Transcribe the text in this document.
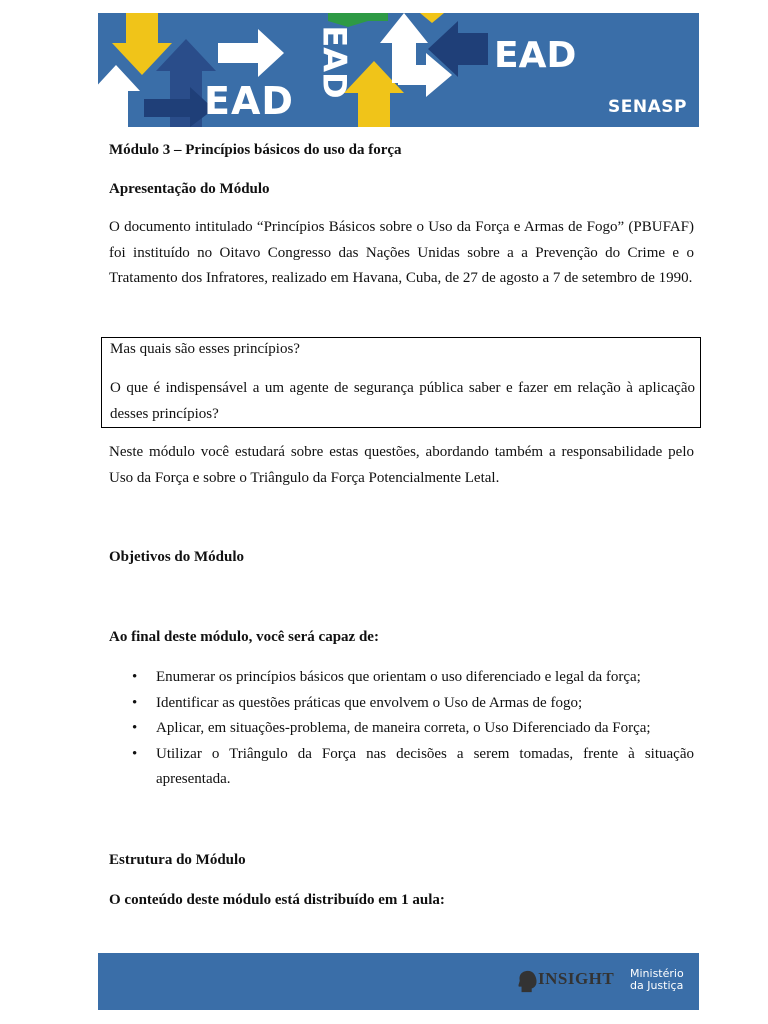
EAD
EAD	EAD
SENASP
Módulo 3 – Princípios básicos do uso da força
Apresentação do Módulo
O documento intitulado “Princípios Básicos sobre o Uso da Força e Armas de Fogo” (PBUFAF) foi instituído no Oitavo Congresso das Nações Unidas sobre a a Prevenção do Crime e o Tratamento dos Infratores, realizado em Havana, Cuba, de 27 de agosto a 7 de setembro de 1990.
Mas quais são esses princípios?
O que é indispensável a um agente de segurança pública saber e fazer em relação à aplicação desses princípios?
Neste módulo você estudará sobre estas questões, abordando também a responsabilidade pelo Uso da Força e sobre o Triângulo da Força Potencialmente Letal.
Objetivos do Módulo
Ao final deste módulo, você será capaz de:
• Enumerar os princípios básicos que orientam o uso diferenciado e legal da força;
• Identificar as questões práticas que envolvem o Uso de Armas de fogo;
• Aplicar, em situações-problema, de maneira correta, o Uso Diferenciado da Força;
• Utilizar o Triângulo da Força nas decisões a serem tomadas, frente à situação apresentada.
Estrutura do Módulo
O conteúdo deste módulo está distribuído em 1 aula:
INSIGHT Ministério
da Justiça
